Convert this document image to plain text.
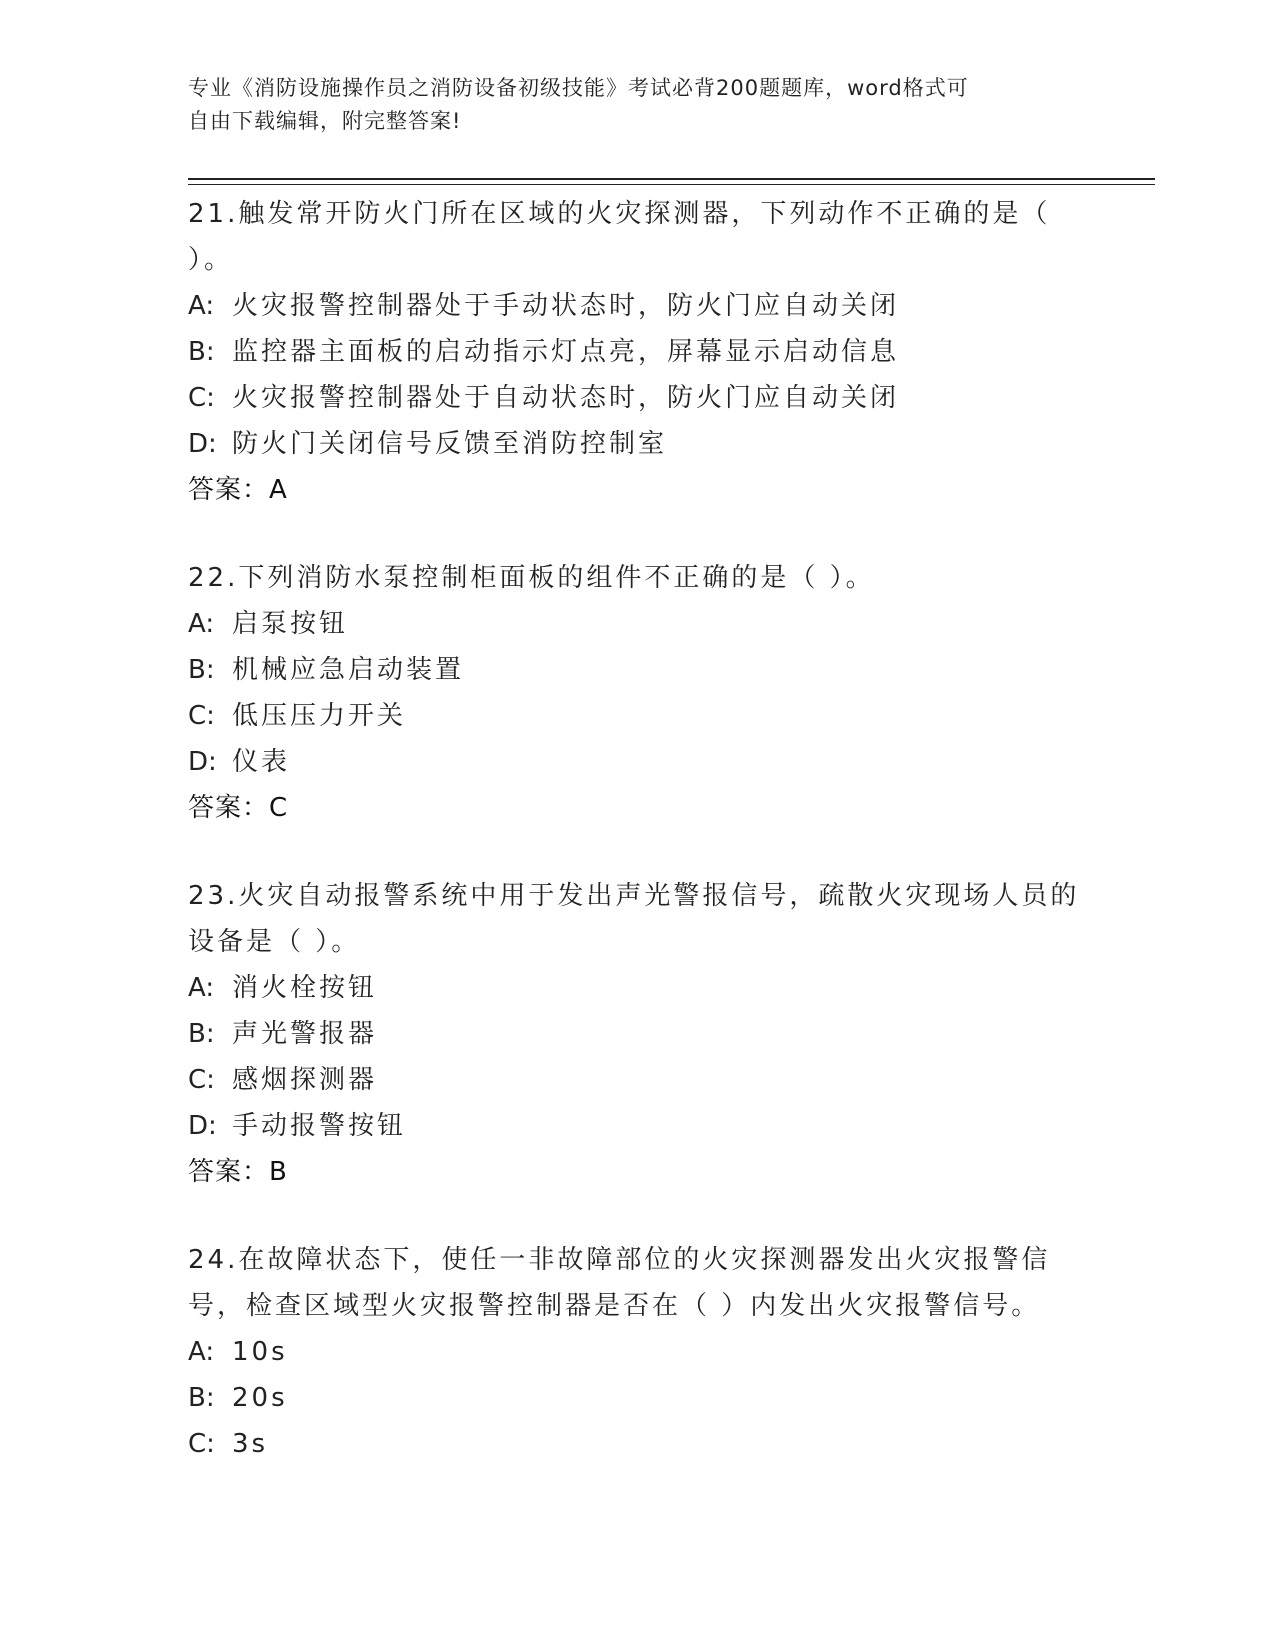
专业《消防设施操作员之消防设备初级技能》考试必背200题题库，word格式可
自由下载编辑，附完整答案!

21.触发常开防火门所在区域的火灾探测器，下列动作不正确的是（ ）。

A: 火灾报警控制器处于手动状态时，防火门应自动关闭

B: 监控器主面板的启动指示灯点亮，屏幕显示启动信息

C: 火灾报警控制器处于自动状态时，防火门应自动关闭

D: 防火门关闭信号反馈至消防控制室

答案：A

22.下列消防水泵控制柜面板的组件不正确的是（ ）。

A: 启泵按钮

B: 机械应急启动装置

C: 低压压力开关

D: 仪表

答案：C

23.火灾自动报警系统中用于发出声光警报信号，疏散火灾现场人员的设备是（ ）。

A: 消火栓按钮

B: 声光警报器

C: 感烟探测器

D: 手动报警按钮

答案：B

24.在故障状态下，使任一非故障部位的火灾探测器发出火灾报警信号，检查区域型火灾报警控制器是否在（ ）内发出火灾报警信号。

A: 10s

B: 20s

C: 3s
